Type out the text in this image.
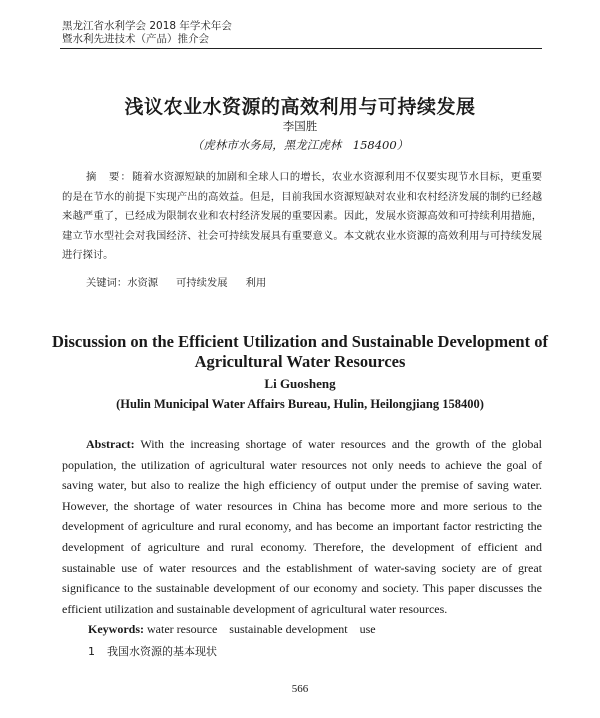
黑龙江省水利学会 2018 年学术年会
暨水利先进技术（产品）推介会
浅议农业水资源的高效利用与可持续发展
李国胜
（虎林市水务局，黑龙江虎林　158400）
摘　要：随着水资源短缺的加剧和全球人口的增长，农业水资源利用不仅要实现节水目标，更重要的是在节水的前提下实现产出的高效益。但是，目前我国水资源短缺对农业和农村经济发展的制约已经越来越严重了，已经成为限制农业和农村经济发展的重要因素。因此，发展水资源高效和可持续利用措施，建立节水型社会对我国经济、社会可持续发展具有重要意义。本文就农业水资源的高效利用与可持续发展进行探讨。
关键词：水资源 可持续发展 利用
Discussion on the Efficient Utilization and Sustainable Development of
Agricultural Water Resources
Li Guosheng
(Hulin Municipal Water Affairs Bureau, Hulin, Heilongjiang 158400)
Abstract: With the increasing shortage of water resources and the growth of the global population, the utilization of agricultural water resources not only needs to achieve the goal of saving water, but also to realize the high efficiency of output under the premise of saving water. However, the shortage of water resources in China has become more and more serious to the development of agriculture and rural economy, and has become an important factor restricting the development of agriculture and rural economy. Therefore, the development of efficient and sustainable use of water resources and the establishment of water-saving society are of great significance to the sustainable development of our economy and society. This paper discusses the efficient utilization and sustainable development of agricultural water resources.
Keywords: water resource sustainable development use
1 我国水资源的基本现状
566
